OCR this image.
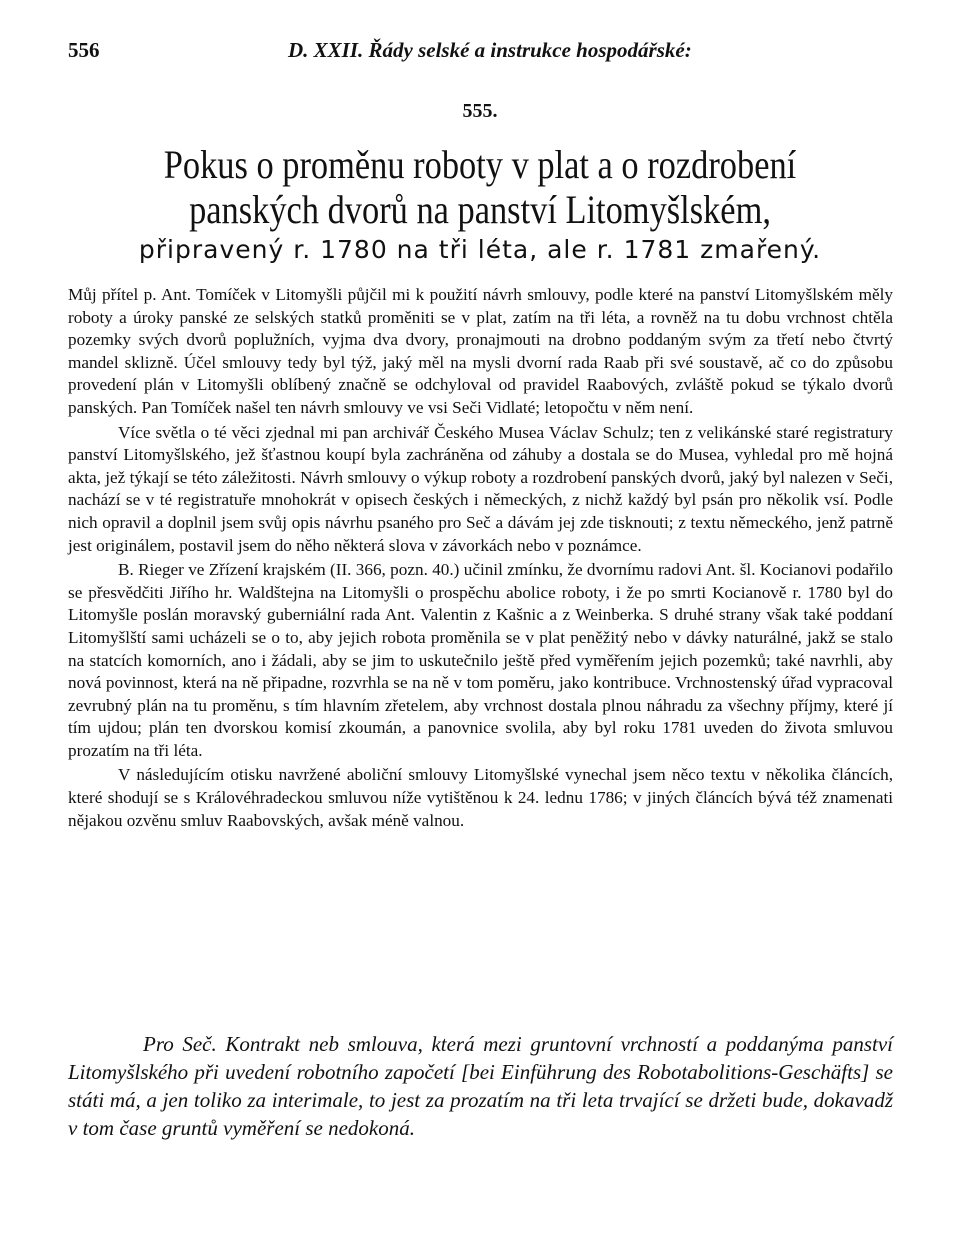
556	D. XXII. Řády selské a instrukce hospodářské:
555.
Pokus o proměnu roboty v plat a o rozdrobení panských dvorů na panství Litomyšlském,
připravený r. 1780 na tři léta, ale r. 1781 zmařený.

Můj přítel p. Ant. Tomíček v Litomyšli půjčil mi k použití návrh smlouvy, podle které na panství Litomyšlském měly roboty a úroky panské ze selských statků proměniti se v plat, zatím na tři léta, a rovněž na tu dobu vrchnost chtěla pozemky svých dvorů poplužních, vyjma dva dvory, pronajmouti na drobno poddaným svým za třetí nebo čtvrtý mandel sklizně. Účel smlouvy tedy byl týž, jaký měl na mysli dvorní rada Raab při své soustavě, ač co do způsobu provedení plán v Litomyšli oblíbený značně se odchyloval od pravidel Raabových, zvláště pokud se týkalo dvorů panských. Pan Tomíček našel ten návrh smlouvy ve vsi Seči Vidlaté; letopočtu v něm není.

Více světla o té věci zjednal mi pan archivář Českého Musea Václav Schulz; ten z velikánské staré registratury panství Litomyšlského, jež šťastnou koupí byla zachráněna od záhuby a dostala se do Musea, vyhledal pro mě hojná akta, jež týkají se této záležitosti. Návrh smlouvy o výkup roboty a rozdrobení panských dvorů, jaký byl nalezen v Seči, nachází se v té registratuře mnohokrát v opisech českých i německých, z nichž každý byl psán pro několik vsí. Podle nich opravil a doplnil jsem svůj opis návrhu psaného pro Seč a dávám jej zde tisknouti; z textu německého, jenž patrně jest originálem, postavil jsem do něho některá slova v závorkách nebo v poznámce.

B. Rieger ve Zřízení krajském (II. 366, pozn. 40.) učinil zmínku, že dvornímu radovi Ant. šl. Kocianovi podařilo se přesvědčiti Jiřího hr. Waldštejna na Litomyšli o prospěchu abolice roboty, i že po smrti Kocianově r. 1780 byl do Litomyšle poslán moravský guberniální rada Ant. Valentin z Kašnic a z Weinberka. S druhé strany však také poddaní Litomyšlští sami ucházeli se o to, aby jejich robota proměnila se v plat peněžitý nebo v dávky naturálné, jakž se stalo na statcích komorních, ano i žádali, aby se jim to uskutečnilo ještě před vyměřením jejich pozemků; také navrhli, aby nová povinnost, která na ně připadne, rozvrhla se na ně v tom poměru, jako kontribuce. Vrchnostenský úřad vypracoval zevrubný plán na tu proměnu, s tím hlavním zřetelem, aby vrchnost dostala plnou náhradu za všechny příjmy, které jí tím ujdou; plán ten dvorskou komisí zkoumán, a panovnice svolila, aby byl roku 1781 uveden do života smluvou prozatím na tři léta.

V následujícím otisku navržené aboliční smlouvy Litomyšlské vynechal jsem něco textu v několika článcích, které shodují se s Královéhradeckou smluvou níže vytištěnou k 24. lednu 1786; v jiných článcích bývá též znamenati nějakou ozvěnu smluv Raabovských, avšak méně valnou.

Pro Seč. Kontrakt neb smlouva, která mezi gruntovní vrchností a poddanýma panství Litomyšlského při uvedení robotního započetí [bei Einführung des Robotabolitions-Geschäfts] se státi má, a jen toliko za interimale, to jest za prozatím na tři leta trvající se držeti bude, dokavadž v tom čase gruntů vyměření se nedokoná.
